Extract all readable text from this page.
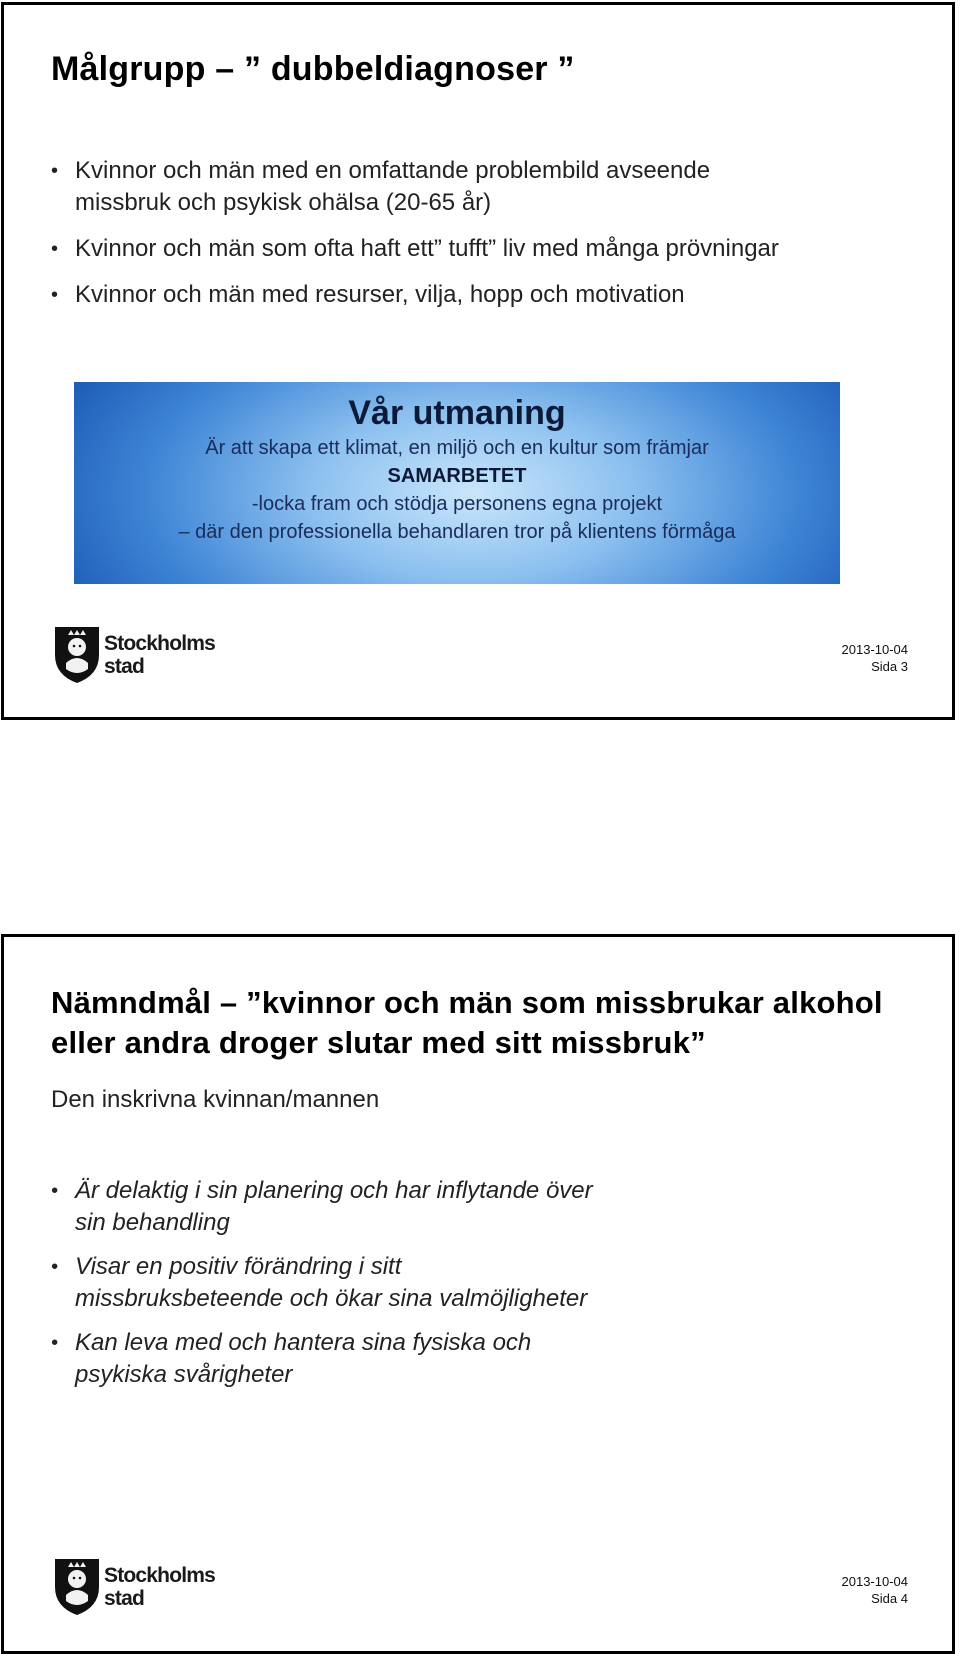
Målgrupp – ” dubbeldiagnoser ”
• Kvinnor och män med en omfattande problembild avseende missbruk och psykisk ohälsa (20-65 år)
• Kvinnor och män som ofta haft ett” tufft” liv med många prövningar
• Kvinnor och män med resurser, vilja, hopp och motivation
Vår utmaning
Är att skapa ett klimat, en miljö och en kultur som främjar
SAMARBETET
-locka fram och stödja personens egna projekt
– där den professionella behandlaren tror på klientens förmåga
Stockholms
stad
2013-10-04
Sida 3
Nämndmål – ”kvinnor och män som missbrukar alkohol eller andra droger slutar med sitt missbruk”
Den inskrivna kvinnan/mannen
• Är delaktig i sin planering och har inflytande över sin behandling
• Visar en positiv förändring i sitt missbruksbeteende och ökar sina valmöjligheter
• Kan leva med och hantera sina fysiska och psykiska svårigheter
Stockholms
stad
2013-10-04
Sida 4
